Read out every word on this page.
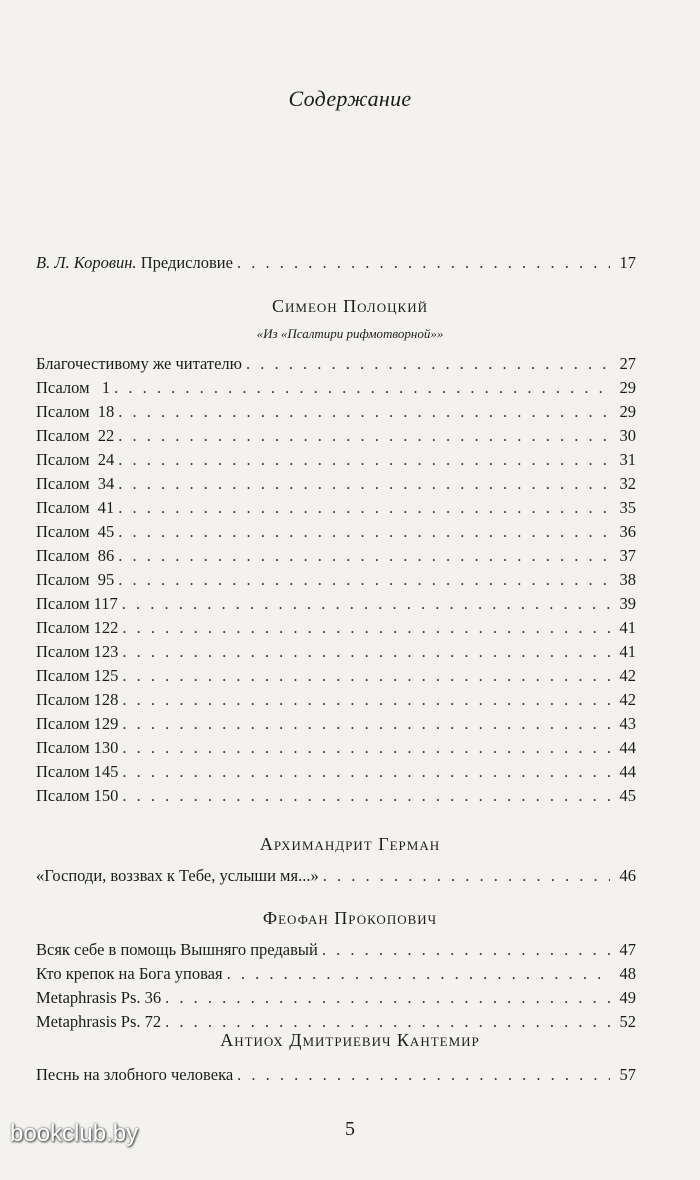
Содержание
В. Л. Коровин. Предисловие . . .	17
Симеон Полоцкий
«Из «Псалтири рифмотворной»»
Благочестивому же читателю . . .	27
Псалом   1 . . .	29
Псалом  18 . . .	29
Псалом  22 . . .	30
Псалом  24 . . .	31
Псалом  34 . . .	32
Псалом  41 . . .	35
Псалом  45 . . .	36
Псалом  86 . . .	37
Псалом  95 . . .	38
Псалом 117 . . .	39
Псалом 122 . . .	41
Псалом 123 . . .	41
Псалом 125 . . .	42
Псалом 128 . . .	42
Псалом 129 . . .	43
Псалом 130 . . .	44
Псалом 145 . . .	44
Псалом 150 . . .	45
Архимандрит Герман
«Господи, воззвах к Тебе, услыши мя...» . . .	46
Феофан Прокопович
Всяк себе в помощь Вышняго предавый . . .	47
Кто крепок на Бога уповая . . .	48
Metaphrasis Ps. 36 . . .	49
Metaphrasis Ps. 72 . . .	52
Антиох Дмитриевич Кантемир
5
bookclub.by
Песнь на злобного человека . . .	57
